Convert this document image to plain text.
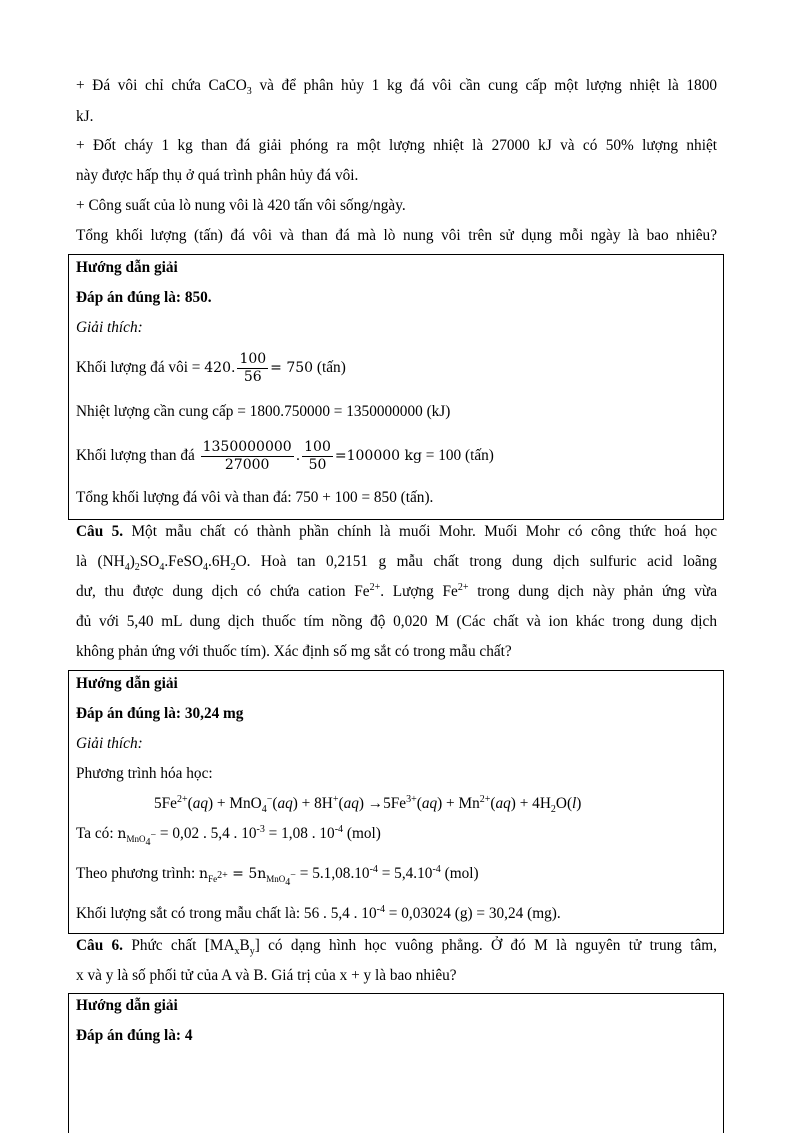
+ Đá vôi chỉ chứa CaCO$_3$ và để phân hủy 1 kg đá vôi cần cung cấp một lượng nhiệt là 1800
kJ.
+ Đốt cháy 1 kg than đá giải phóng ra một lượng nhiệt là 27000 kJ và có 50% lượng nhiệt
này được hấp thụ ở quá trình phân hủy đá vôi.
+ Công suất của lò nung vôi là 420 tấn vôi sống/ngày.
Tổng khối lượng (tấn) đá vôi và than đá mà lò nung vôi trên sử dụng mỗi ngày là bao nhiêu?
Hướng dẫn giải
Đáp án đúng là: 850.
Giải thích:
Khối lượng đá vôi = 420. $\frac{100}{56} = 750$ (tấn)
Nhiệt lượng cần cung cấp = 1800.750000 = 1350000000 (kJ)
Khối lượng than đá $\frac{1350000000}{27000}$ . $\frac{100}{50} =100000$ kg = 100 (tấn)
Tổng khối lượng đá vôi và than đá: 750 + 100 = 850 (tấn).
Câu 5. Một mẫu chất có thành phần chính là muối Mohr. Muối Mohr có công thức hoá học
là $(NH_4)_2SO_4.FeSO_4.6H_2O$. Hoà tan 0,2151 g mẫu chất trong dung dịch sulfuric acid loãng
dư, thu được dung dịch có chứa cation $Fe^{2+}$. Lượng $Fe^{2+}$ trong dung dịch này phản ứng vừa
đủ với 5,40 mL dung dịch thuốc tím nồng độ 0,020 M (Các chất và ion khác trong dung dịch
không phản ứng với thuốc tím). Xác định số mg sắt có trong mẫu chất?
Hướng dẫn giải
Đáp án đúng là: 30,24 mg
Giải thích:
Phương trình hóa học:
$5Fe^{2+}(aq) + MnO_4^-(aq) + 8H^+(aq) \to 5Fe^{3+}(aq) + Mn^{2+}(aq) + 4H_2O(l)$
Ta có: $n_{MnO_4^-} = 0,02$ . 5,4 . $10^{-3} = 1,08$ . $10^{-4}$ (mol)
Theo phương trình: $n_{Fe^{2+}} = 5n_{MnO_4^-} = 5.1,08.10^{-4} = 5,4.10^{-4}$ (mol)
Khối lượng sắt có trong mẫu chất là: 56 . 5,4 . $10^{-4} = 0,03024$ (g) = 30,24 (mg).
Câu 6. Phức chất $[MA_xB_y]$ có dạng hình học vuông phẳng. Ở đó M là nguyên tử trung tâm,
x và y là số phối tử của A và B. Giá trị của x + y là bao nhiêu?
Hướng dẫn giải
Đáp án đúng là: 4
